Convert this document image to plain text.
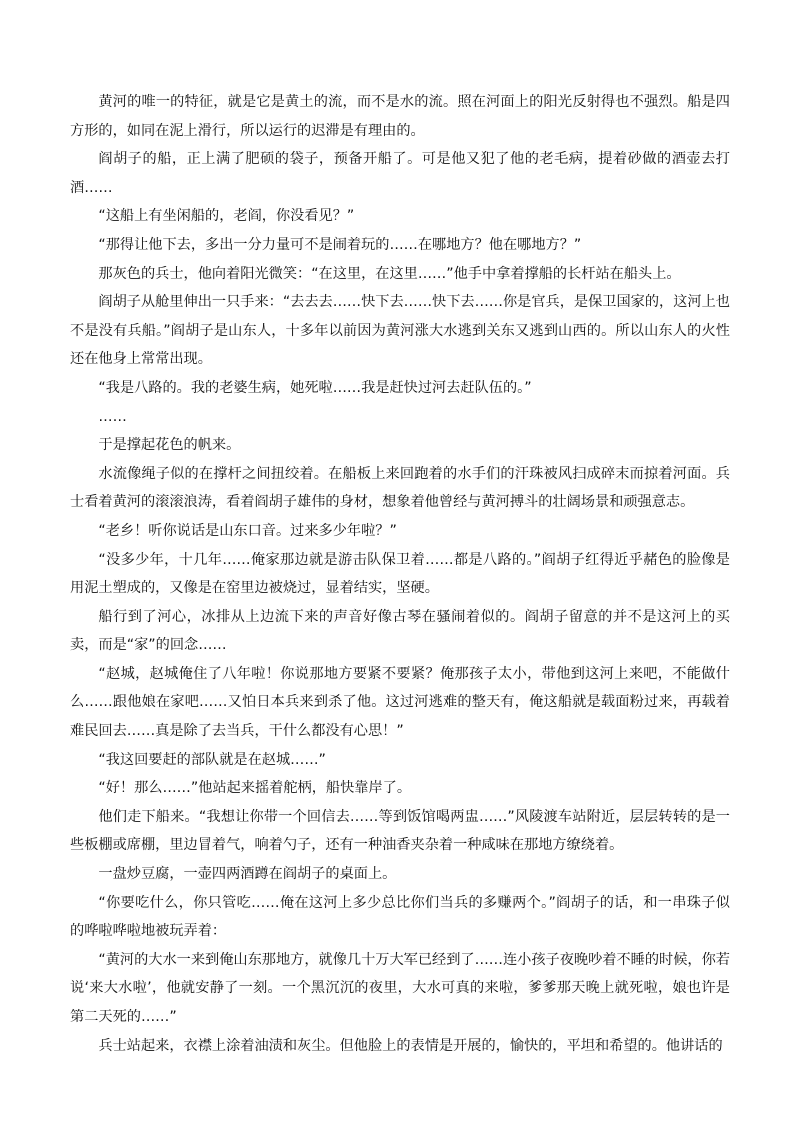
黄河的唯一的特征，就是它是黄土的流，而不是水的流。照在河面上的阳光反射得也不强烈。船是四方形的，如同在泥上滑行，所以运行的迟滞是有理由的。

阎胡子的船，正上满了肥硕的袋子，预备开船了。可是他又犯了他的老毛病，提着砂做的酒壶去打酒……

“这船上有坐闲船的，老阎，你没看见？”

“那得让他下去，多出一分力量可不是闹着玩的……在哪地方？他在哪地方？”

那灰色的兵士，他向着阳光微笑：“在这里，在这里……”他手中拿着撑船的长杆站在船头上。

阎胡子从舱里伸出一只手来：“去去去……快下去……快下去……你是官兵，是保卫国家的，这河上也不是没有兵船。”阎胡子是山东人，十多年以前因为黄河涨大水逃到关东又逃到山西的。所以山东人的火性还在他身上常常出现。

“我是八路的。我的老婆生病，她死啦……我是赶快过河去赶队伍的。”

……

于是撑起花色的帆来。

水流像绳子似的在撑杆之间扭绞着。在船板上来回跑着的水手们的汗珠被风扫成碎末而掠着河面。兵士看着黄河的滚滚浪涛，看着阎胡子雄伟的身材，想象着他曾经与黄河搏斗的壮阔场景和顽强意志。

“老乡！听你说话是山东口音。过来多少年啦？”

“没多少年，十几年……俺家那边就是游击队保卫着……都是八路的。”阎胡子红得近乎赭色的脸像是用泥土塑成的，又像是在窑里边被烧过，显着结实，坚硬。

船行到了河心，冰排从上边流下来的声音好像古琴在骚闹着似的。阎胡子留意的并不是这河上的买卖，而是“家”的回念……

“赵城，赵城俺住了八年啦！你说那地方要紧不要紧？俺那孩子太小，带他到这河上来吧，不能做什么……跟他娘在家吧……又怕日本兵来到杀了他。这过河逃难的整天有，俺这船就是载面粉过来，再载着难民回去……真是除了去当兵，干什么都没有心思！”

“我这回要赶的部队就是在赵城……”

“好！那么……”他站起来摇着舵柄，船快靠岸了。

他们走下船来。“我想让你带一个回信去……等到饭馆喝两盅……”风陵渡车站附近，层层转转的是一些板棚或席棚，里边冒着气，响着勺子，还有一种油香夹杂着一种咸味在那地方缭绕着。

一盘炒豆腐，一壶四两酒蹲在阎胡子的桌面上。

“你要吃什么，你只管吃……俺在这河上多少总比你们当兵的多赚两个。”阎胡子的话，和一串珠子似的哗啦哗啦地被玩弄着：

“黄河的大水一来到俺山东那地方，就像几十万大军已经到了……连小孩子夜晚吵着不睡的时候，你若说‘来大水啦’，他就安静了一刻。一个黑沉沉的夜里，大水可真的来啦，爹爹那天晚上就死啦，娘也许是第二天死的……”

兵士站起来，衣襟上涂着油渍和灰尘。但他脸上的表情是开展的，愉快的，平坦和希望的。他讲话的
